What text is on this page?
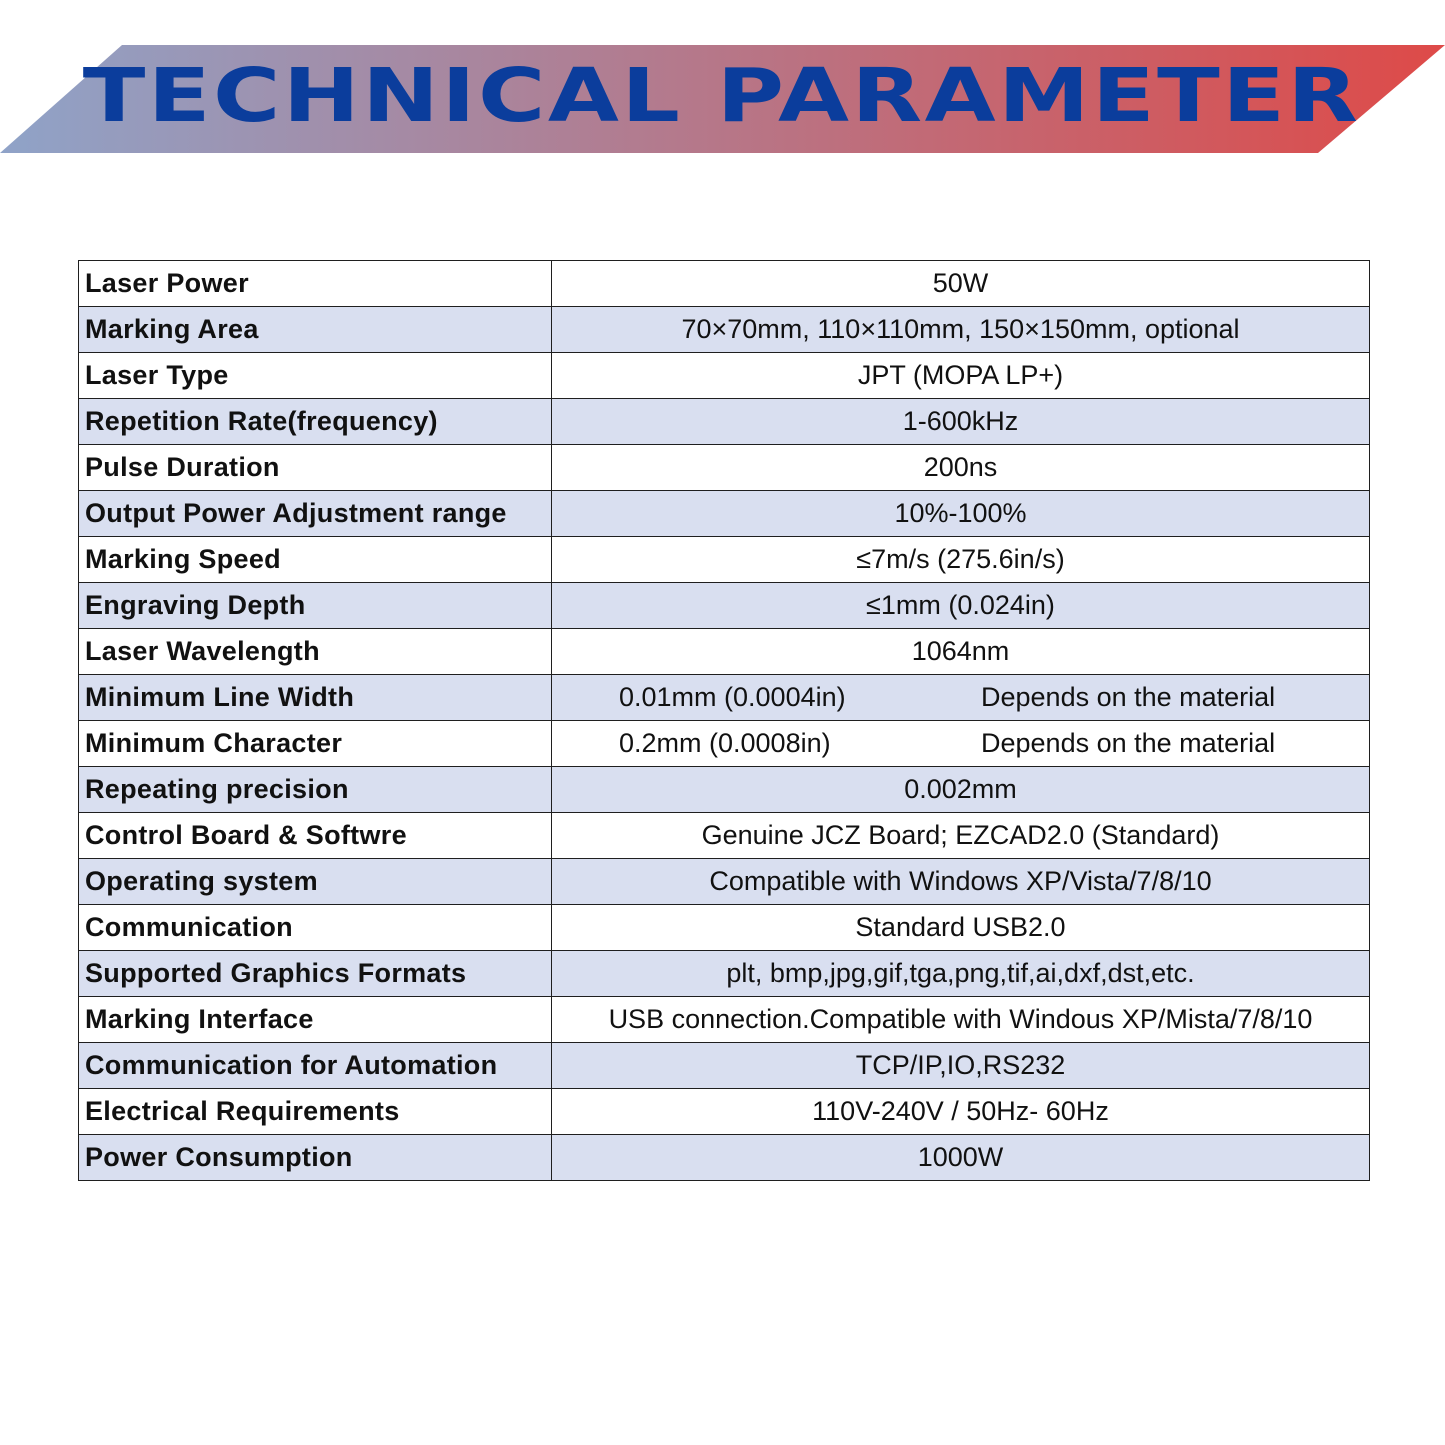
TECHNICAL PARAMETER
Laser Power	50W
Marking Area	70×70mm, 110×110mm, 150×150mm, optional
Laser Type	JPT (MOPA LP+)
Repetition Rate(frequency)	1-600kHz
Pulse Duration	200ns
Output Power Adjustment range	10%-100%
Marking Speed	≤7m/s (275.6in/s)
Engraving Depth	≤1mm (0.024in)
Laser Wavelength	1064nm
Minimum Line Width	0.01mm (0.0004in) Depends on the material

Minimum Character	0.2mm (0.0008in) Depends on the material

Repeating precision	0.002mm
Control Board & Softwre	Genuine JCZ Board; EZCAD2.0 (Standard)
Operating system	Compatible with Windows XP/Vista/7/8/10
Communication	Standard USB2.0
Supported Graphics Formats	plt, bmp,jpg,gif,tga,png,tif,ai,dxf,dst,etc.
Marking Interface	USB connection.Compatible with Windous XP/Mista/7/8/10
Communication for Automation	TCP/IP,IO,RS232
Electrical Requirements	110V-240V / 50Hz- 60Hz
Power Consumption	1000W
